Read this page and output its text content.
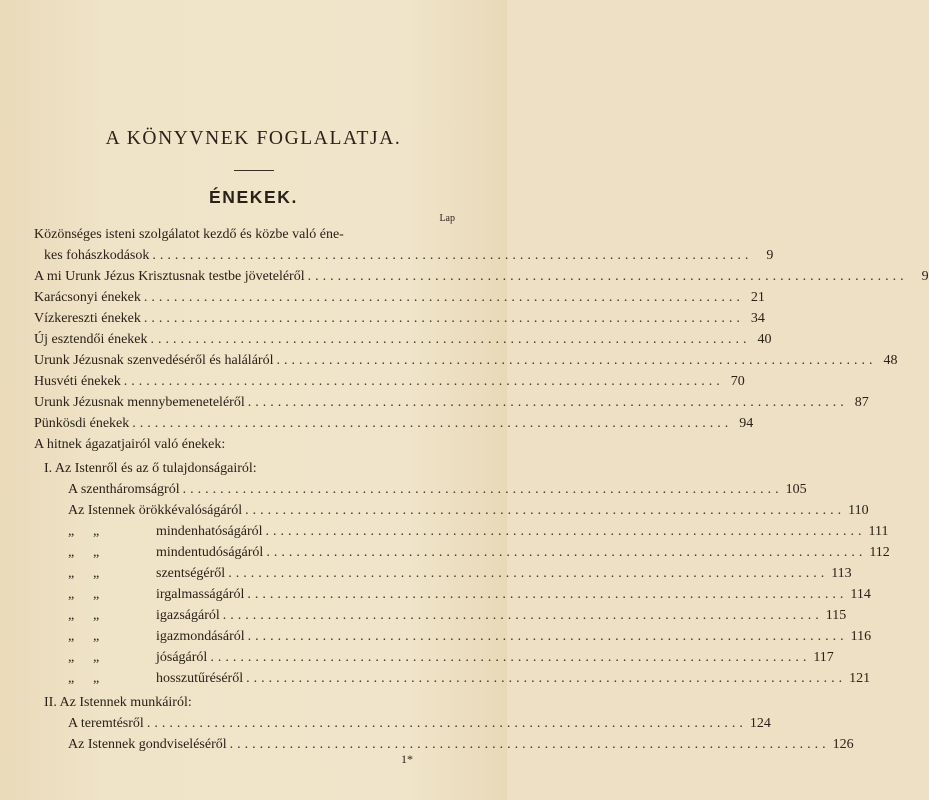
A KÖNYVNEK FOGLALATJA.
ÉNEKEK.
Lap
Közönséges isteni szolgálatot kezdő és közbe való éne-
kes fohászkodások ................................................................................	9
A mi Urunk Jézus Krisztusnak testbe jöveteléről ................................................................................	9
Karácsonyi énekek ................................................................................ 21
Vízkereszti énekek ................................................................................ 34
Új esztendői énekek ................................................................................ 40
Urunk Jézusnak szenvedéséről és haláláról ................................................................................ 48
Husvéti énekek ................................................................................ 70
Urunk Jézusnak mennybemeneteléről ................................................................................ 87
Pünkösdi énekek ................................................................................ 94
A hitnek ágazatjairól való énekek:
I. Az Istenről és az ő tulajdonságairól:
A szentháromságról ................................................................................ 105
Az Istennek örökkévalóságáról ................................................................................ 110
„ „	mindenhatóságáról ................................................................................ 111
„ „	mindentudóságáról ................................................................................ 112
„ „	szentségéről ................................................................................ 113
„ „	irgalmasságáról ................................................................................ 114
„ „	igazságáról ................................................................................ 115
„ „	igazmondásáról ................................................................................ 116
„ „	jóságáról ................................................................................ 117
„ „	hosszutűréséről ................................................................................ 121
II. Az Istennek munkáiról:
A teremtésről ................................................................................ 124
Az Istennek gondviseléséről ................................................................................ 126
1*
